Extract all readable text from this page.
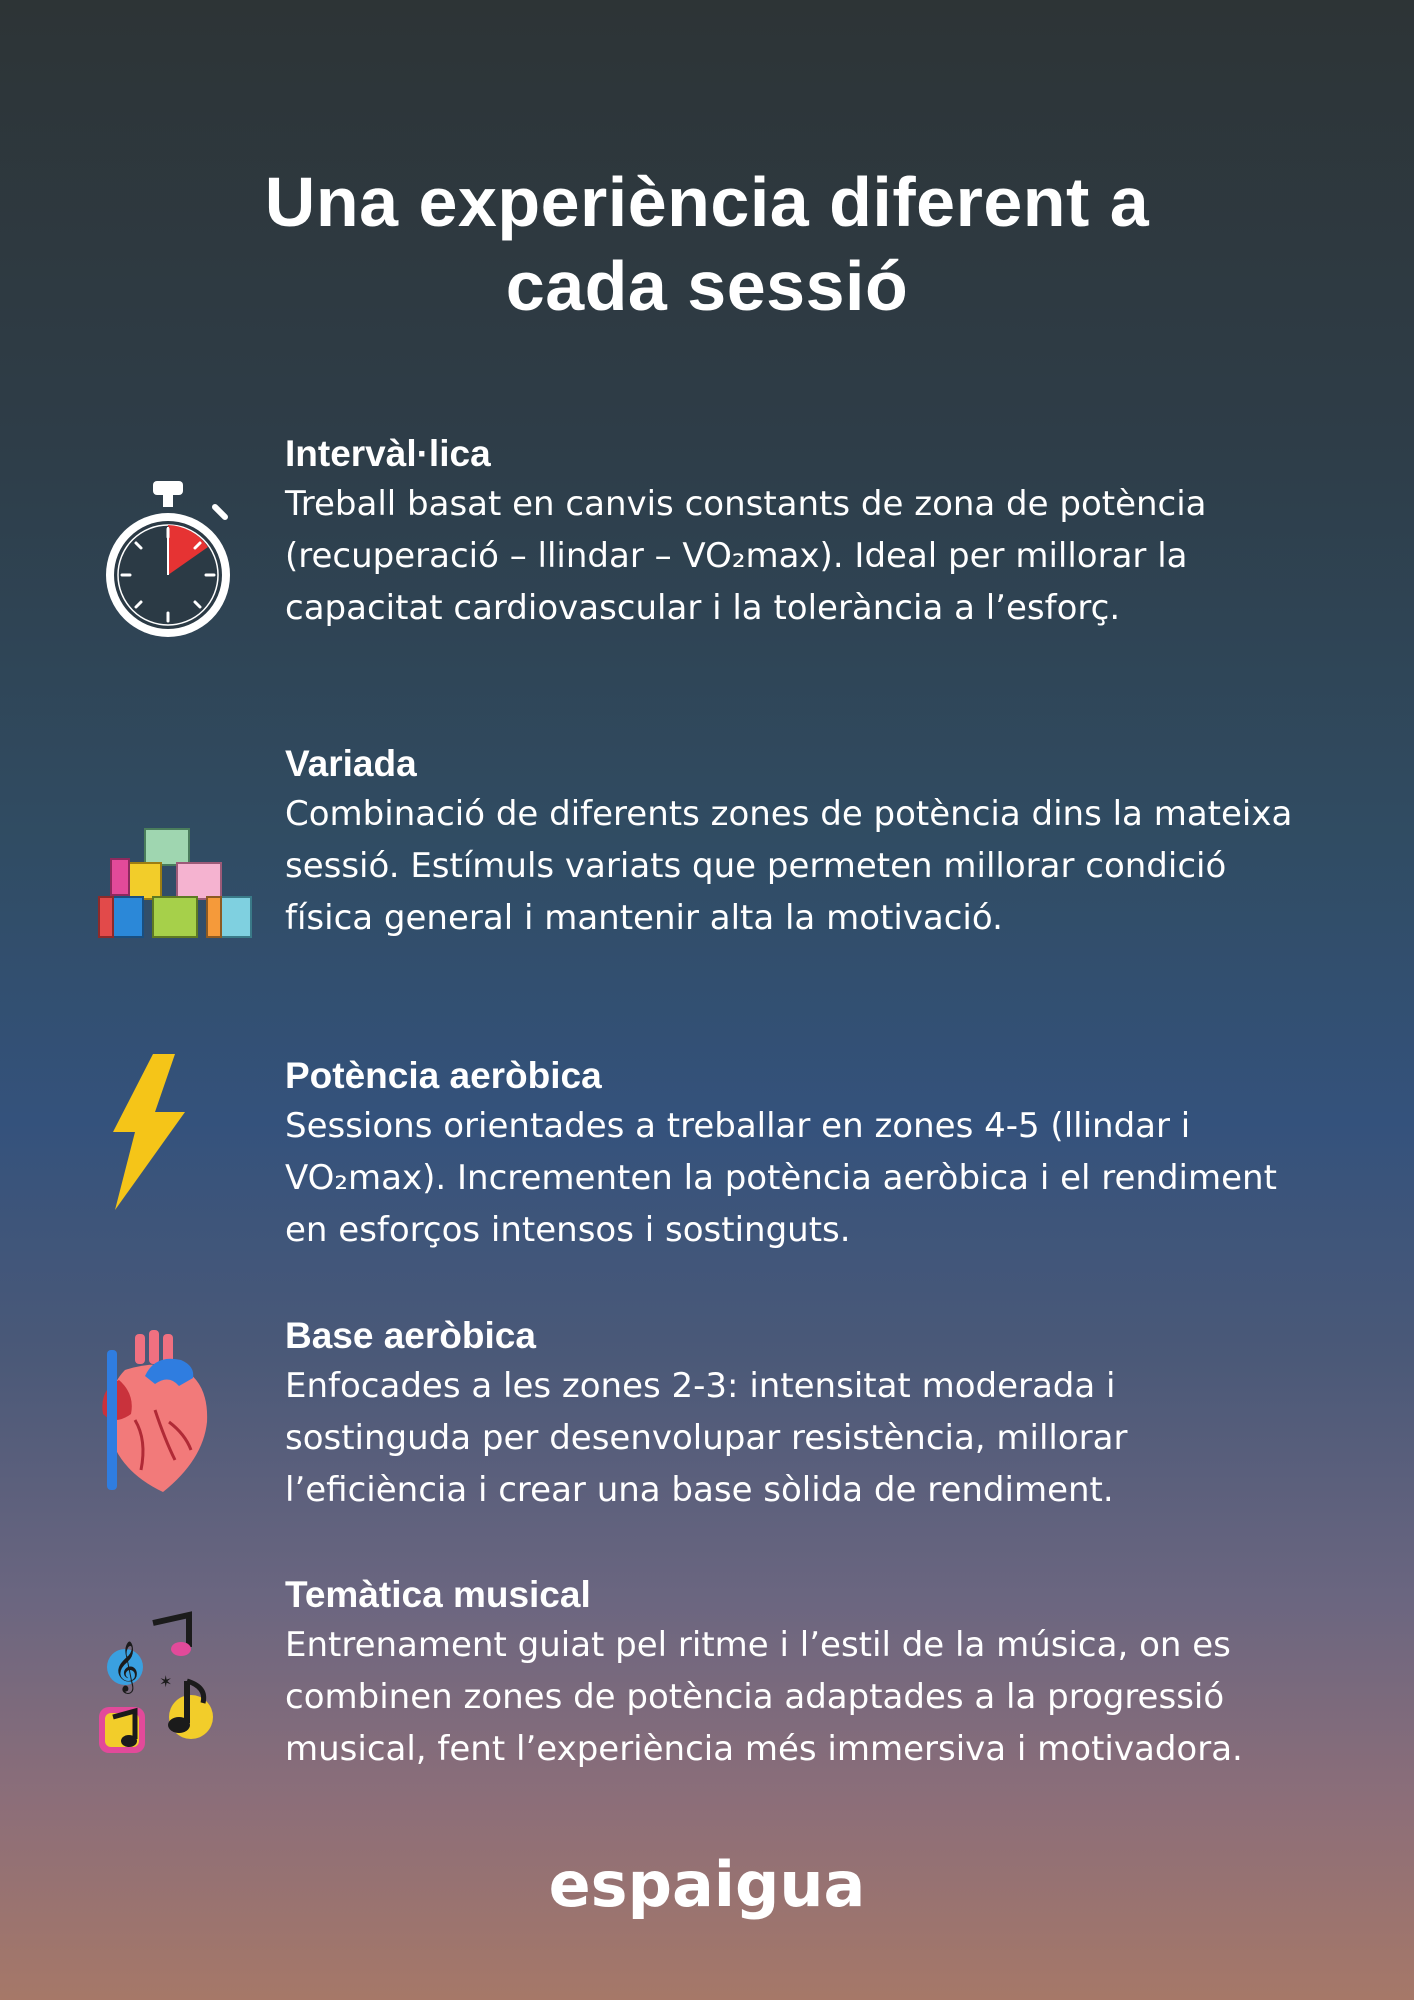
Una experiència diferent a
cada sessió

Intervàl·lica

Treball basat en canvis constants de zona de potència (recuperació – llindar – VO₂max). Ideal per millorar la capacitat cardiovascular i la tolerància a l’esforç.

Variada

Combinació de diferents zones de potència dins la mateixa sessió. Estímuls variats que permeten millorar condició física general i mantenir alta la motivació.

Potència aeròbica

Sessions orientades a treballar en zones 4-5 (llindar i VO₂max). Incrementen la potència aeròbica i el rendiment en esforços intensos i sostinguts.

Base aeròbica

Enfocades a les zones 2-3: intensitat moderada i sostinguda per desenvolupar resistència, millorar l’eficiència i crear una base sòlida de rendiment.

𝄞 ✶

Temàtica musical

Entrenament guiat pel ritme i l’estil de la música, on es combinen zones de potència adaptades a la progressió musical, fent l’experiència més immersiva i motivadora.

espaigua
